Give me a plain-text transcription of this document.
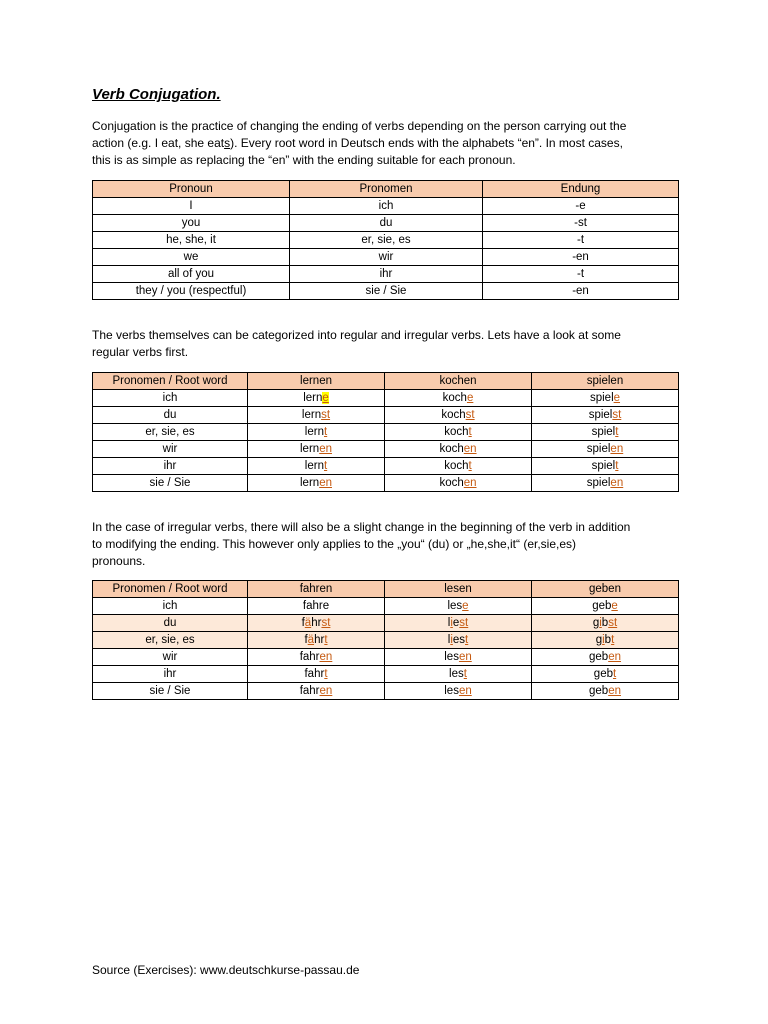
Verb Conjugation.
Conjugation is the practice of changing the ending of verbs depending on the person carrying out the
action (e.g. I eat, she eats). Every root word in Deutsch ends with the alphabets “en”. In most cases,
this is as simple as replacing the “en” with the ending suitable for each pronoun.
Pronoun	Pronomen	Endung
I	ich	-e
you	du	-st
he, she, it	er, sie, es	-t
we	wir	-en
all of you	ihr	-t
they / you (respectful)	sie / Sie	-en
The verbs themselves can be categorized into regular and irregular verbs. Lets have a look at some
regular verbs first.
Pronomen / Root word	lernen	kochen	spielen
ich	lerne	koche	spiele
du	lernst	kochst	spielst
er, sie, es	lernt	kocht	spielt
wir	lernen	kochen	spielen
ihr	lernt	kocht	spielt
sie / Sie	lernen	kochen	spielen
In the case of irregular verbs, there will also be a slight change in the beginning of the verb in addition
to modifying the ending. This however only applies to the „you“ (du) or „he,she,it“ (er,sie,es)
pronouns.
Pronomen / Root word	fahren	lesen	geben
ich	fahre	lese	gebe
du	fährst	liest	gibst
er, sie, es	fährt	liest	gibt
wir	fahren	lesen	geben
ihr	fahrt	lest	gebt
sie / Sie	fahren	lesen	geben
Source (Exercises): www.deutschkurse-passau.de
